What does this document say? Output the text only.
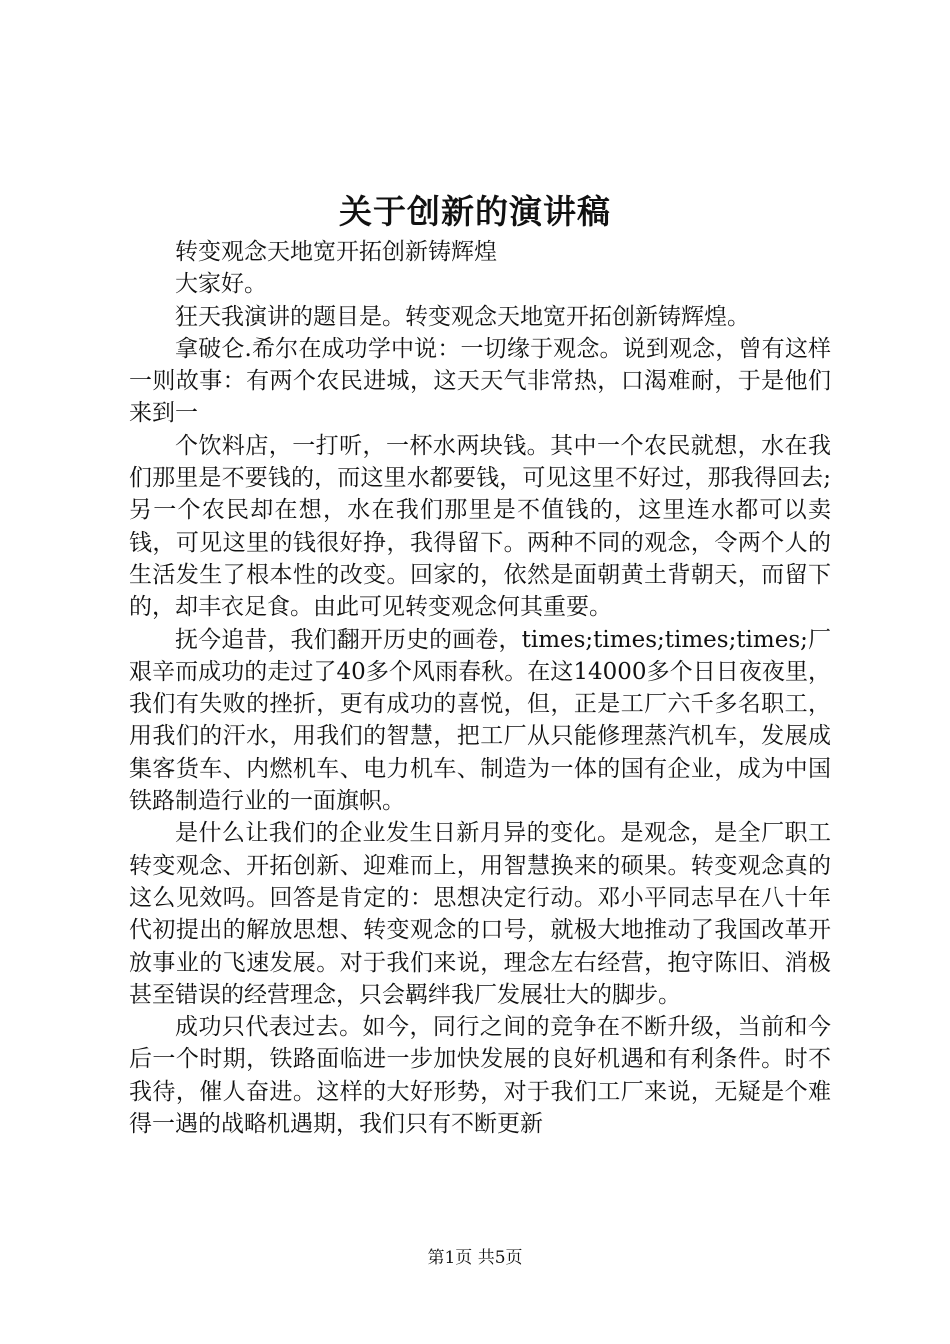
关于创新的演讲稿

转变观念天地宽开拓创新铸辉煌

大家好。

狂天我演讲的题目是。转变观念天地宽开拓创新铸辉煌。

拿破仑.希尔在成功学中说：一切缘于观念。说到观念，曾有这样一则故事：有两个农民进城，这天天气非常热，口渴难耐，于是他们来到一

个饮料店，一打听，一杯水两块钱。其中一个农民就想，水在我们那里是不要钱的，而这里水都要钱，可见这里不好过，那我得回去;另一个农民却在想，水在我们那里是不值钱的，这里连水都可以卖钱，可见这里的钱很好挣，我得留下。两种不同的观念，令两个人的生活发生了根本性的改变。回家的，依然是面朝黄土背朝天，而留下的，却丰衣足食。由此可见转变观念何其重要。

抚今追昔，我们翻开历史的画卷，times;times;times;times;厂艰辛而成功的走过了40多个风雨春秋。在这14000多个日日夜夜里，我们有失败的挫折，更有成功的喜悦，但，正是工厂六千多名职工，用我们的汗水，用我们的智慧，把工厂从只能修理蒸汽机车，发展成集客货车、内燃机车、电力机车、制造为一体的国有企业，成为中国铁路制造行业的一面旗帜。

是什么让我们的企业发生日新月异的变化。是观念，是全厂职工转变观念、开拓创新、迎难而上，用智慧换来的硕果。转变观念真的这么见效吗。回答是肯定的：思想决定行动。邓小平同志早在八十年代初提出的解放思想、转变观念的口号，就极大地推动了我国改革开放事业的飞速发展。对于我们来说，理念左右经营，抱守陈旧、消极甚至错误的经营理念，只会羁绊我厂发展壮大的脚步。

成功只代表过去。如今，同行之间的竞争在不断升级，当前和今后一个时期，铁路面临进一步加快发展的良好机遇和有利条件。时不我待，催人奋进。这样的大好形势，对于我们工厂来说，无疑是个难得一遇的战略机遇期，我们只有不断更新

第1页 共5页
